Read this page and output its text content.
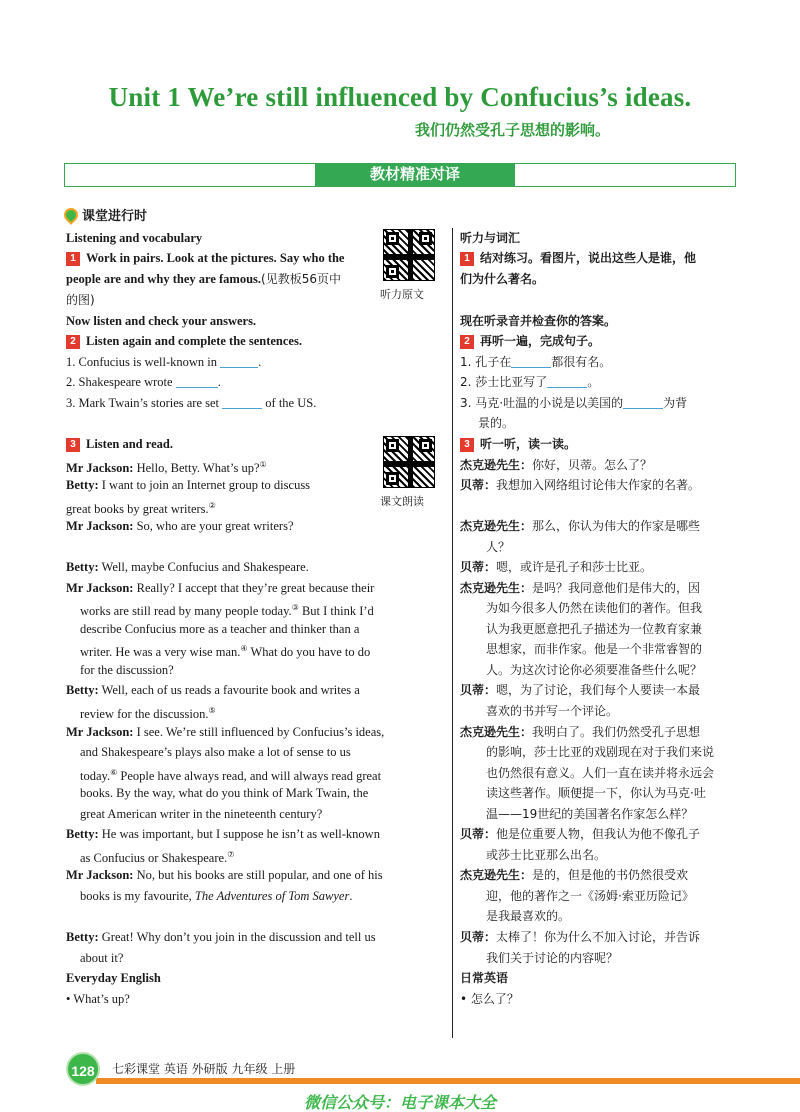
Unit 1 We’re still influenced by Confucius’s ideas.
我们仍然受孔子思想的影响。
教材精准对译
课堂进行时
听力原文
课文朗读
Listening and vocabulary
1 Work in pairs. Look at the pictures. Say who the
people are and why they are famous.(见教板56页中
的图)
Now listen and check your answers.
2 Listen again and complete the sentences.
1. Confucius is well-known in	.
2. Shakespeare wrote	.
3. Mark Twain’s stories are set	of the US.
3 Listen and read.
Mr Jackson: Hello, Betty. What’s up?①
Betty: I want to join an Internet group to discuss
great books by great writers.②
Mr Jackson: So, who are your great writers?
Betty: Well, maybe Confucius and Shakespeare.
Mr Jackson: Really? I accept that they’re great because their
works are still read by many people today.③ But I think I’d
describe Confucius more as a teacher and thinker than a
writer. He was a very wise man.④ What do you have to do
for the discussion?
Betty: Well, each of us reads a favourite book and writes a
review for the discussion.⑤
Mr Jackson: I see. We’re still influenced by Confucius’s ideas,
and Shakespeare’s plays also make a lot of sense to us
today.⑥ People have always read, and will always read great
books. By the way, what do you think of Mark Twain, the
great American writer in the nineteenth century?
Betty: He was important, but I suppose he isn’t as well-known
as Confucius or Shakespeare.⑦
Mr Jackson: No, but his books are still popular, and one of his
books is my favourite, The Adventures of Tom Sawyer.
Betty: Great! Why don’t you join in the discussion and tell us
about it?
Everyday English
• What’s up?
听力与词汇
1 结对练习。看图片，说出这些人是谁，他
们为什么著名。
现在听录音并检查你的答案。
2 再听一遍，完成句子。
1. 孔子在	都很有名。
2. 莎士比亚写了	。
3. 马克·吐温的小说是以美国的	为背
景的。
3 听一听，读一读。
杰克逊先生：你好，贝蒂。怎么了？
贝蒂：我想加入网络组讨论伟大作家的名著。
杰克逊先生：那么，你认为伟大的作家是哪些
人？
贝蒂：嗯，或许是孔子和莎士比亚。
杰克逊先生：是吗？我同意他们是伟大的，因
为如今很多人仍然在读他们的著作。但我
认为我更愿意把孔子描述为一位教育家兼
思想家，而非作家。他是一个非常睿智的
人。为这次讨论你必须要准备些什么呢？
贝蒂：嗯，为了讨论，我们每个人要读一本最
喜欢的书并写一个评论。
杰克逊先生：我明白了。我们仍然受孔子思想
的影响，莎士比亚的戏剧现在对于我们来说
也仍然很有意义。人们一直在读并将永远会
读这些著作。顺便提一下，你认为马克·吐
温——19世纪的美国著名作家怎么样？
贝蒂：他是位重要人物，但我认为他不像孔子
或莎士比亚那么出名。
杰克逊先生：是的，但是他的书仍然很受欢
迎，他的著作之一《汤姆·索亚历险记》
是我最喜欢的。
贝蒂：太棒了！你为什么不加入讨论，并告诉
我们关于讨论的内容呢？
日常英语
• 怎么了？
128	七彩课堂 英语 外研版 九年级 上册
微信公众号：电子课本大全
